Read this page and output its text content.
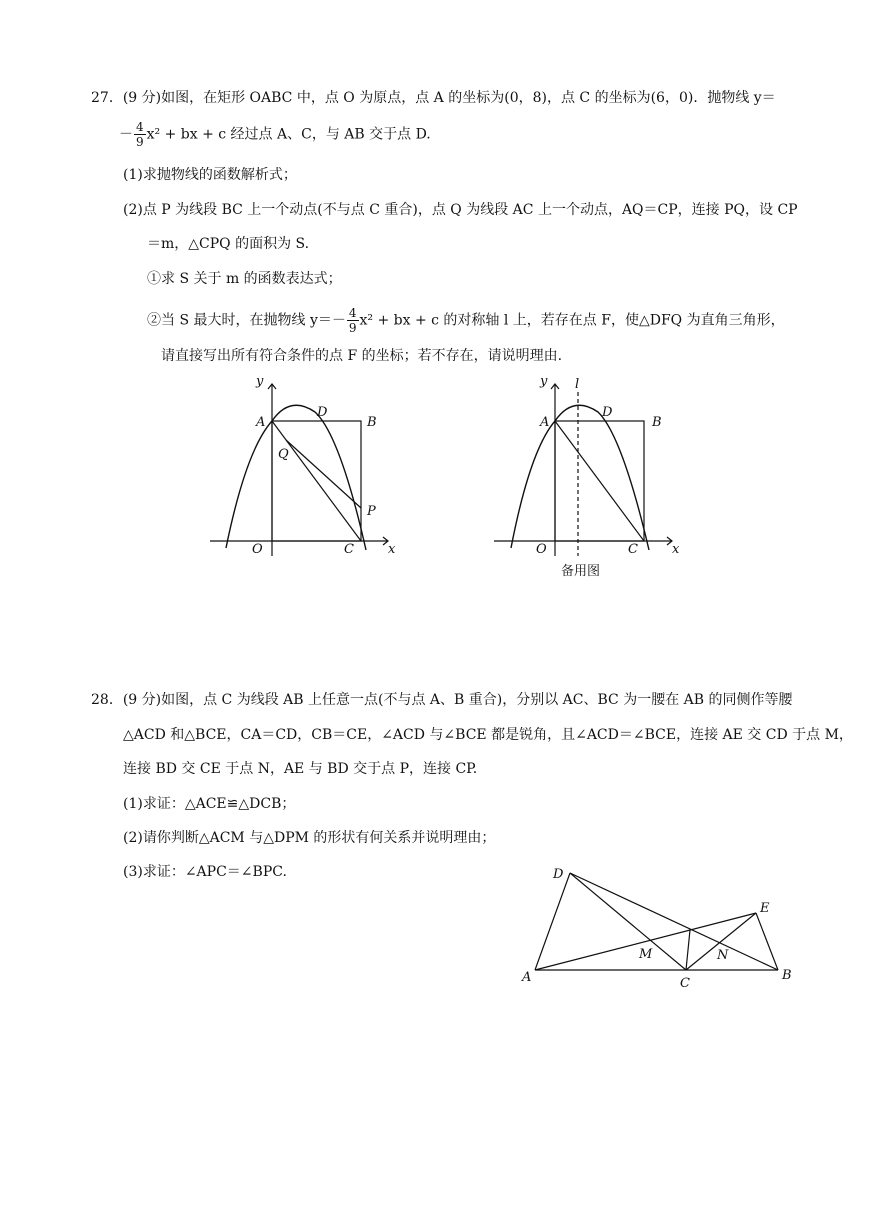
27．(9 分)如图，在矩形 OABC 中，点 O 为原点，点 A 的坐标为(0，8)，点 C 的坐标为(6，0)．抛物线 y＝
－ $\frac{4}{9} x^2$ + bx + c 经过点 A、C，与 AB 交于点 D.
(1)求抛物线的函数解析式；
(2)点 P 为线段 BC 上一个动点(不与点 C 重合)，点 Q 为线段 AC 上一个动点，AQ＝CP，连接 PQ，设 CP
＝m，△CPQ 的面积为 S.
①求 S 关于 m 的函数表达式；
②当 S 最大时，在抛物线 $y=- \frac{4}{9} x^2$ + bx + c 的对称轴 l 上，若存在点 F，使△DFQ 为直角三角形，
请直接写出所有符合条件的点 F 的坐标；若不存在，请说明理由.
y
A
D
B
Q
P
O	C	x
y l
A
D
B
O	C	x
备用图
28．(9 分)如图，点 C 为线段 AB 上任意一点(不与点 A、B 重合)，分别以 AC、BC 为一腰在 AB 的同侧作等腰
△ACD 和△BCE，CA＝CD，CB＝CE，∠ACD 与∠BCE 都是锐角，且∠ACD＝∠BCE，连接 AE 交 CD 于点 M，
连接 BD 交 CE 于点 N，AE 与 BD 交于点 P，连接 CP.
(1)求证：△ACE≌△DCB；
(2)请你判断△ACM 与△DPM 的形状有何关系并说明理由；
(3)求证：∠APC＝∠BPC.	D
E
M	N
A	C
B
